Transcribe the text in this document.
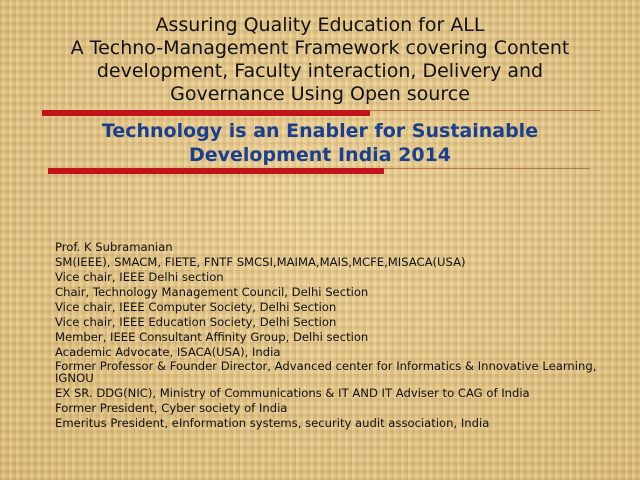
Assuring Quality Education for ALL
A Techno-Management Framework covering Content
development, Faculty interaction, Delivery and
Governance Using Open source
Technology is an Enabler for Sustainable
Development India 2014
Prof. K Subramanian
SM(IEEE), SMACM, FIETE, FNTF SMCSI,MAIMA,MAIS,MCFE,MISACA(USA)
Vice chair, IEEE Delhi section
Chair, Technology Management Council, Delhi Section
Vice chair, IEEE Computer Society, Delhi Section
Vice chair, IEEE Education Society, Delhi Section
Member, IEEE Consultant Affinity Group, Delhi section
Academic Advocate, ISACA(USA), India
Former Professor & Founder Director, Advanced center for Informatics & Innovative Learning, IGNOU
EX SR. DDG(NIC), Ministry of Communications & IT AND IT Adviser to CAG of India
Former President, Cyber society of India
Emeritus President, eInformation systems, security audit association, India
